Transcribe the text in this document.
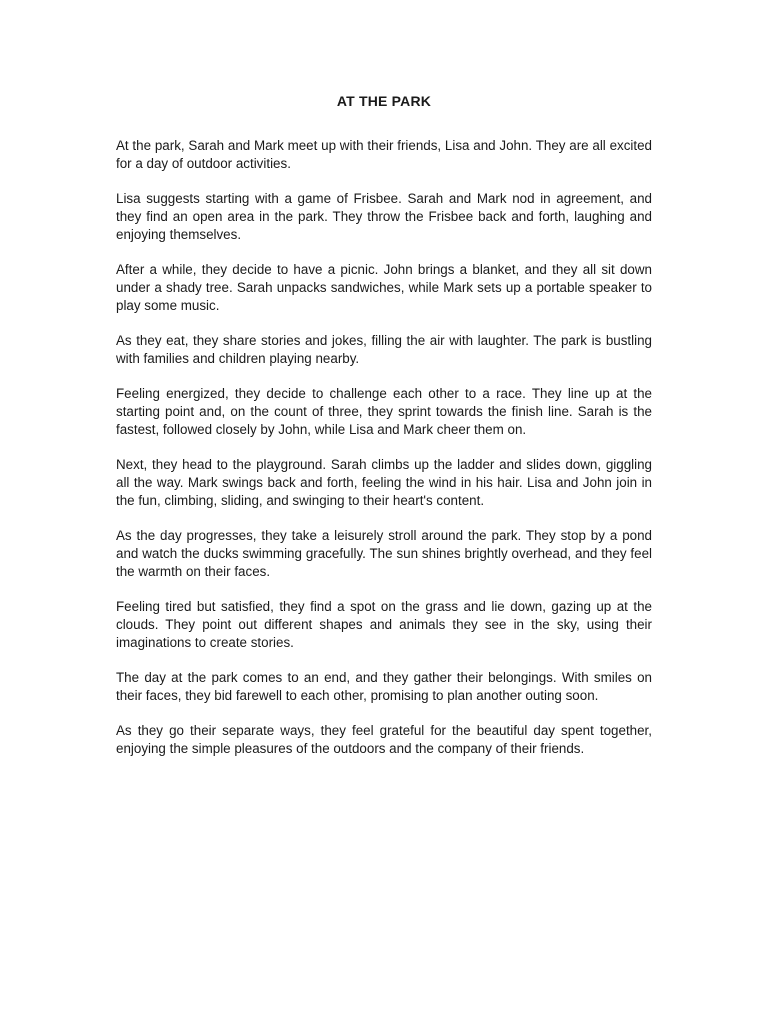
AT THE PARK

At the park, Sarah and Mark meet up with their friends, Lisa and John. They are all excited for a day of outdoor activities.

Lisa suggests starting with a game of Frisbee. Sarah and Mark nod in agreement, and they find an open area in the park. They throw the Frisbee back and forth, laughing and enjoying themselves.

After a while, they decide to have a picnic. John brings a blanket, and they all sit down under a shady tree. Sarah unpacks sandwiches, while Mark sets up a portable speaker to play some music.

As they eat, they share stories and jokes, filling the air with laughter. The park is bustling with families and children playing nearby.

Feeling energized, they decide to challenge each other to a race. They line up at the starting point and, on the count of three, they sprint towards the finish line. Sarah is the fastest, followed closely by John, while Lisa and Mark cheer them on.

Next, they head to the playground. Sarah climbs up the ladder and slides down, giggling all the way. Mark swings back and forth, feeling the wind in his hair. Lisa and John join in the fun, climbing, sliding, and swinging to their heart's content.

As the day progresses, they take a leisurely stroll around the park. They stop by a pond and watch the ducks swimming gracefully. The sun shines brightly overhead, and they feel the warmth on their faces.

Feeling tired but satisfied, they find a spot on the grass and lie down, gazing up at the clouds. They point out different shapes and animals they see in the sky, using their imaginations to create stories.

The day at the park comes to an end, and they gather their belongings. With smiles on their faces, they bid farewell to each other, promising to plan another outing soon.

As they go their separate ways, they feel grateful for the beautiful day spent together, enjoying the simple pleasures of the outdoors and the company of their friends.
